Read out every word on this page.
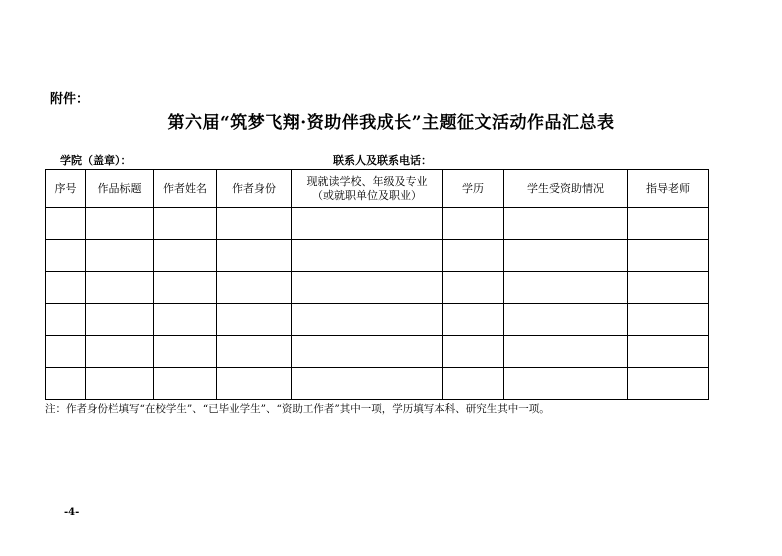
附件：
第六届“筑梦飞翔·资助伴我成长”主题征文活动作品汇总表
学院（盖章）：	联系人及联系电话：
序号	作品标题	作者姓名	作者身份	现就读学校、年级及专业
（或就职单位及职业）	学历	学生受资助情况	指导老师

注：作者身份栏填写“在校学生”、“已毕业学生”、“资助工作者”其中一项，学历填写本科、研究生其中一项。
-4-
